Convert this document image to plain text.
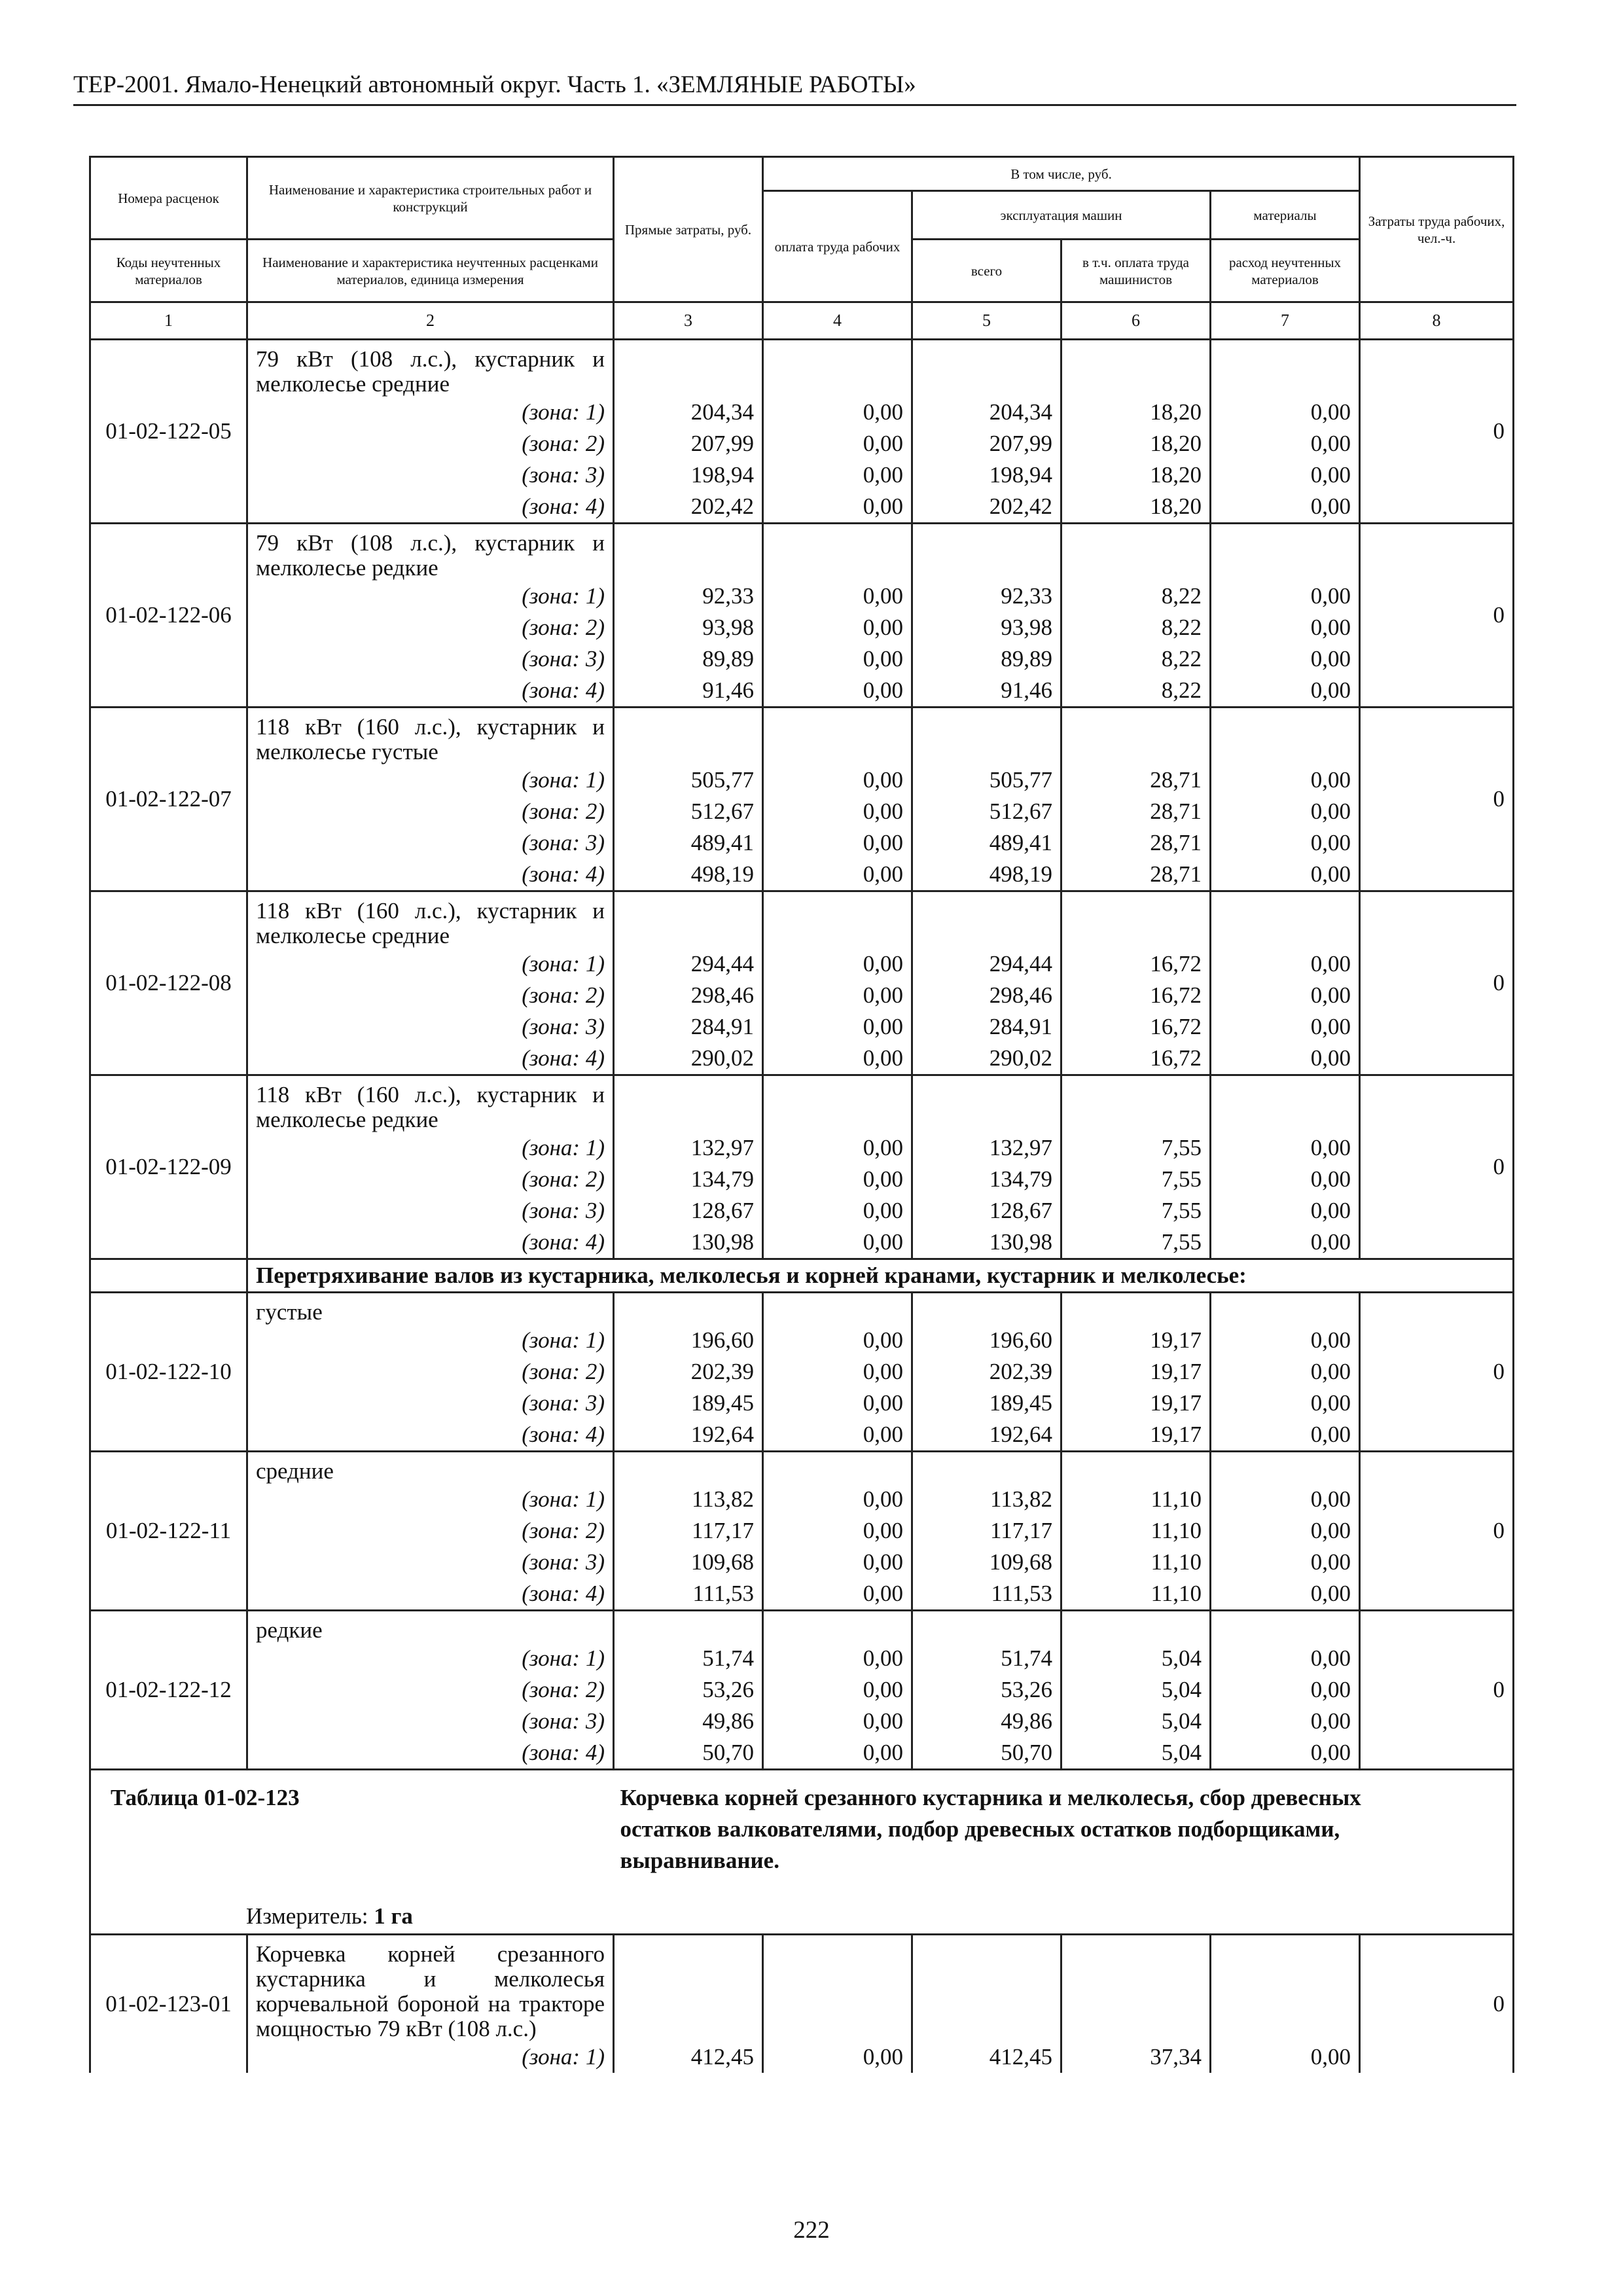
ТЕР-2001. Ямало-Ненецкий автономный округ. Часть 1. «ЗЕМЛЯНЫЕ РАБОТЫ»
Номера расценок	Наименование и характеристика строительных работ и конструкций	Прямые затраты, руб.	В том числе, руб.				Затраты труда рабочих, чел.-ч.
			оплата труда рабочих	эксплуатация машин		материалы	
Коды неучтенных материалов	Наименование и характеристика неучтенных расценками материалов, единица измерения			всего	в т.ч. оплата труда машинистов	расход неучтенных материалов	

1	2	3	4	5	6	7	8
01-02-122-05	79 кВт (108 л.с.), кустарник и мелколесье средние						0
	(зона: 1)	204,34	0,00	204,34	18,20	0,00	
	(зона: 2)	207,99	0,00	207,99	18,20	0,00	
	(зона: 3)	198,94	0,00	198,94	18,20	0,00	
	(зона: 4)	202,42	0,00	202,42	18,20	0,00	
01-02-122-06	79 кВт (108 л.с.), кустарник и мелколесье редкие						0
	(зона: 1)	92,33	0,00	92,33	8,22	0,00	
	(зона: 2)	93,98	0,00	93,98	8,22	0,00	
	(зона: 3)	89,89	0,00	89,89	8,22	0,00	
	(зона: 4)	91,46	0,00	91,46	8,22	0,00	
01-02-122-07	118 кВт (160 л.с.), кустарник и мелколесье густые						0
	(зона: 1)	505,77	0,00	505,77	28,71	0,00	
	(зона: 2)	512,67	0,00	512,67	28,71	0,00	
	(зона: 3)	489,41	0,00	489,41	28,71	0,00	
	(зона: 4)	498,19	0,00	498,19	28,71	0,00	
01-02-122-08	118 кВт (160 л.с.), кустарник и мелколесье средние						0
	(зона: 1)	294,44	0,00	294,44	16,72	0,00	
	(зона: 2)	298,46	0,00	298,46	16,72	0,00	
	(зона: 3)	284,91	0,00	284,91	16,72	0,00	
	(зона: 4)	290,02	0,00	290,02	16,72	0,00	
01-02-122-09	118 кВт (160 л.с.), кустарник и мелколесье редкие						0
	(зона: 1)	132,97	0,00	132,97	7,55	0,00	
	(зона: 2)	134,79	0,00	134,79	7,55	0,00	
	(зона: 3)	128,67	0,00	128,67	7,55	0,00	
	(зона: 4)	130,98	0,00	130,98	7,55	0,00	
	Перетряхивание валов из кустарника, мелколесья и корней кранами, кустарник и мелколесье:						
01-02-122-10	густые						0
	(зона: 1)	196,60	0,00	196,60	19,17	0,00	
	(зона: 2)	202,39	0,00	202,39	19,17	0,00	
	(зона: 3)	189,45	0,00	189,45	19,17	0,00	
	(зона: 4)	192,64	0,00	192,64	19,17	0,00	
01-02-122-11	средние						0
	(зона: 1)	113,82	0,00	113,82	11,10	0,00	
	(зона: 2)	117,17	0,00	117,17	11,10	0,00	
	(зона: 3)	109,68	0,00	109,68	11,10	0,00	
	(зона: 4)	111,53	0,00	111,53	11,10	0,00	
01-02-122-12	редкие						0
	(зона: 1)	51,74	0,00	51,74	5,04	0,00	
	(зона: 2)	53,26	0,00	53,26	5,04	0,00	
	(зона: 3)	49,86	0,00	49,86	5,04	0,00	
	(зона: 4)	50,70	0,00	50,70	5,04	0,00	

Таблица 01-02-123
Измеритель: 1 га		Корчевка корней срезанного кустарника и мелколесья, сбор древесных остатков валкователями, подбор древесных остатков подборщиками, выравнивание.					
01-02-123-01	Корчевка корней срезанного кустарника и мелколесья корчевальной бороной на тракторе мощностью 79 кВт (108 л.с.)						0
	(зона: 1)	412,45	0,00	412,45	37,34	0,00	
222
